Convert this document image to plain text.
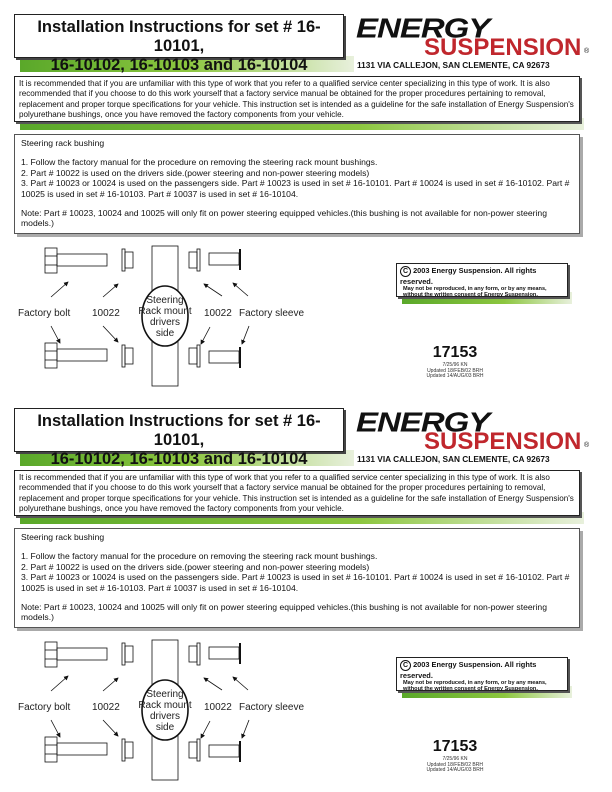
Installation Instructions for set # 16-10101,
16-10102, 16-10103 and 16-10104
ENERGY
SUSPENSION ®
1131 VIA CALLEJON, SAN CLEMENTE, CA 92673
It is recommended that if you are unfamiliar with this type of work that you refer to a qualified service center specializing in this type of work. It is also recommended that if you choose to do this work yourself that a factory service manual be obtained for the proper procedures pertaining to removal, replacement and proper torque specifications for your vehicle. This instruction set is intended as a guideline for the safe installation of Energy Suspension's polyurethane bushings, once you have removed the factory components from your vehicle.

Steering rack bushing

1. Follow the factory manual for the procedure on removing the steering rack mount bushings.

2. Part # 10022 is used on the drivers side.(power steering and non-power steering models)

3. Part # 10023 or 10024 is used on the passengers side. Part # 10023 is used in set # 16-10101. Part # 10024 is used in set # 16-10102. Part # 10025 is used in set # 16-10103. Part # 10037 is used in set # 16-10104.

Note: Part # 10023, 10024 and 10025 will only fit on power steering equipped vehicles.(this bushing is not available for non-power steering models.)

Factory bolt 10022	10022 Factory sleeve
Steering
Rack mount
drivers
side
C 2003 Energy Suspension. All rights reserved.
May not be reproduced, in any form, or by any means,
without the written consent of Energy Suspension.
17153
7/25/96 KN
Updated 18/FEB/02 BRH
Updated 14/AUG/03 BRH
Installation Instructions for set # 16-10101,
16-10102, 16-10103 and 16-10104
ENERGY
SUSPENSION ®
1131 VIA CALLEJON, SAN CLEMENTE, CA 92673
It is recommended that if you are unfamiliar with this type of work that you refer to a qualified service center specializing in this type of work. It is also recommended that if you choose to do this work yourself that a factory service manual be obtained for the proper procedures pertaining to removal, replacement and proper torque specifications for your vehicle. This instruction set is intended as a guideline for the safe installation of Energy Suspension's polyurethane bushings, once you have removed the factory components from your vehicle.

Steering rack bushing

1. Follow the factory manual for the procedure on removing the steering rack mount bushings.

2. Part # 10022 is used on the drivers side.(power steering and non-power steering models)

3. Part # 10023 or 10024 is used on the passengers side. Part # 10023 is used in set # 16-10101. Part # 10024 is used in set # 16-10102. Part # 10025 is used in set # 16-10103. Part # 10037 is used in set # 16-10104.

Note: Part # 10023, 10024 and 10025 will only fit on power steering equipped vehicles.(this bushing is not available for non-power steering models.)

Factory bolt 10022	10022 Factory sleeve
Steering
Rack mount
drivers
side
C 2003 Energy Suspension. All rights reserved.
May not be reproduced, in any form, or by any means,
without the written consent of Energy Suspension.
17153
7/25/96 KN
Updated 18/FEB/02 BRH
Updated 14/AUG/03 BRH
